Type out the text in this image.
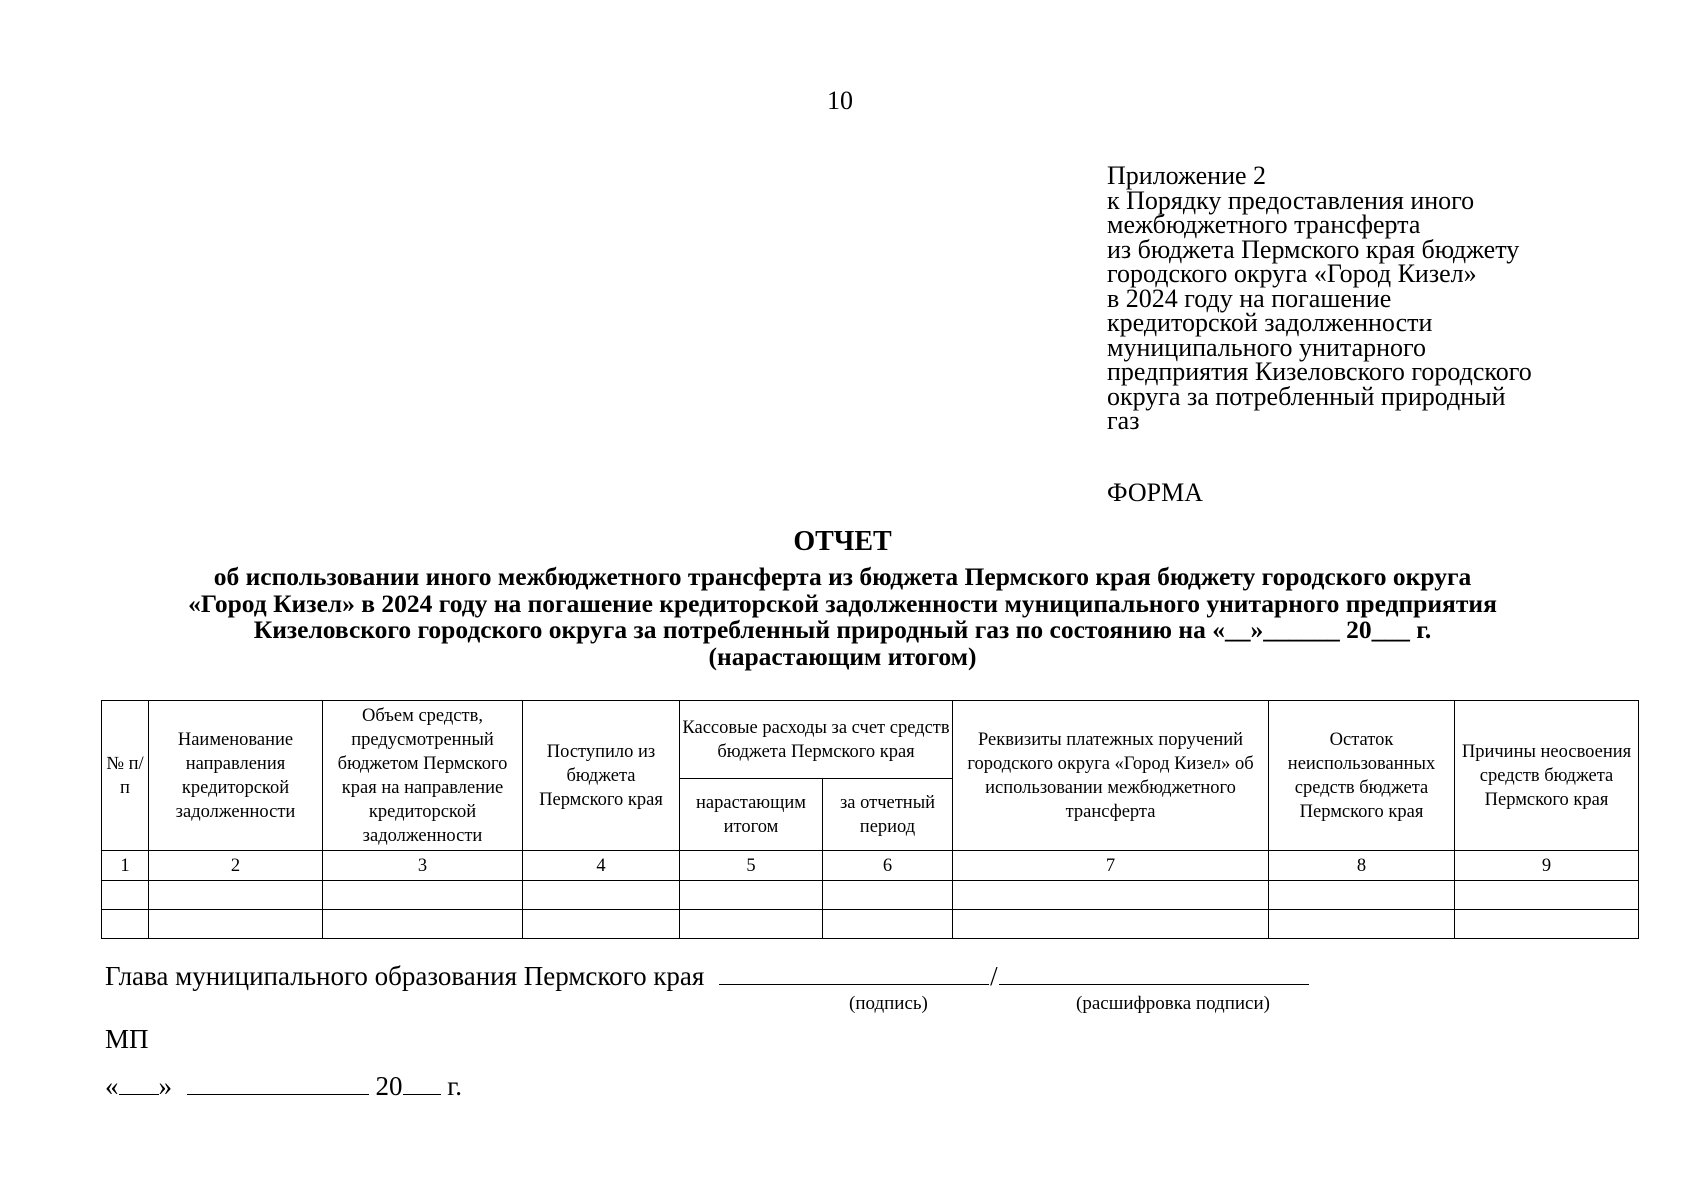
10
Приложение 2
к Порядку предоставления иного
межбюджетного трансферта
из бюджета Пермского края бюджету
городского округа «Город Кизел»
в 2024 году на погашение
кредиторской задолженности
муниципального унитарного
предприятия Кизеловского городского
округа за потребленный природный
газ
ФОРМА
ОТЧЕТ
об использовании иного межбюджетного трансферта из бюджета Пермского края бюджету городского округа
«Город Кизел» в 2024 году на погашение кредиторской задолженности муниципального унитарного предприятия
Кизеловского городского округа за потребленный природный газ по состоянию на «__»______ 20___ г.
(нарастающим итогом)
№ п/п	Наименование направления кредиторской задолженности	Объем средств, предусмотренный бюджетом Пермского края на направление кредиторской задолженности	Поступило из бюджета Пермского края	Кассовые расходы за счет средств бюджета Пермского края		Реквизиты платежных поручений городского округа «Город Кизел» об использовании межбюджетного трансферта	Остаток неиспользованных средств бюджета Пермского края	Причины неосвоения средств бюджета Пермского края
				нарастающим итогом	за отчетный период			
1	2	3	4	5	6	7	8	9

Глава муниципального образования Пермского края	/
(подпись)	(расшифровка подписи)
МП
« »	20 г.
